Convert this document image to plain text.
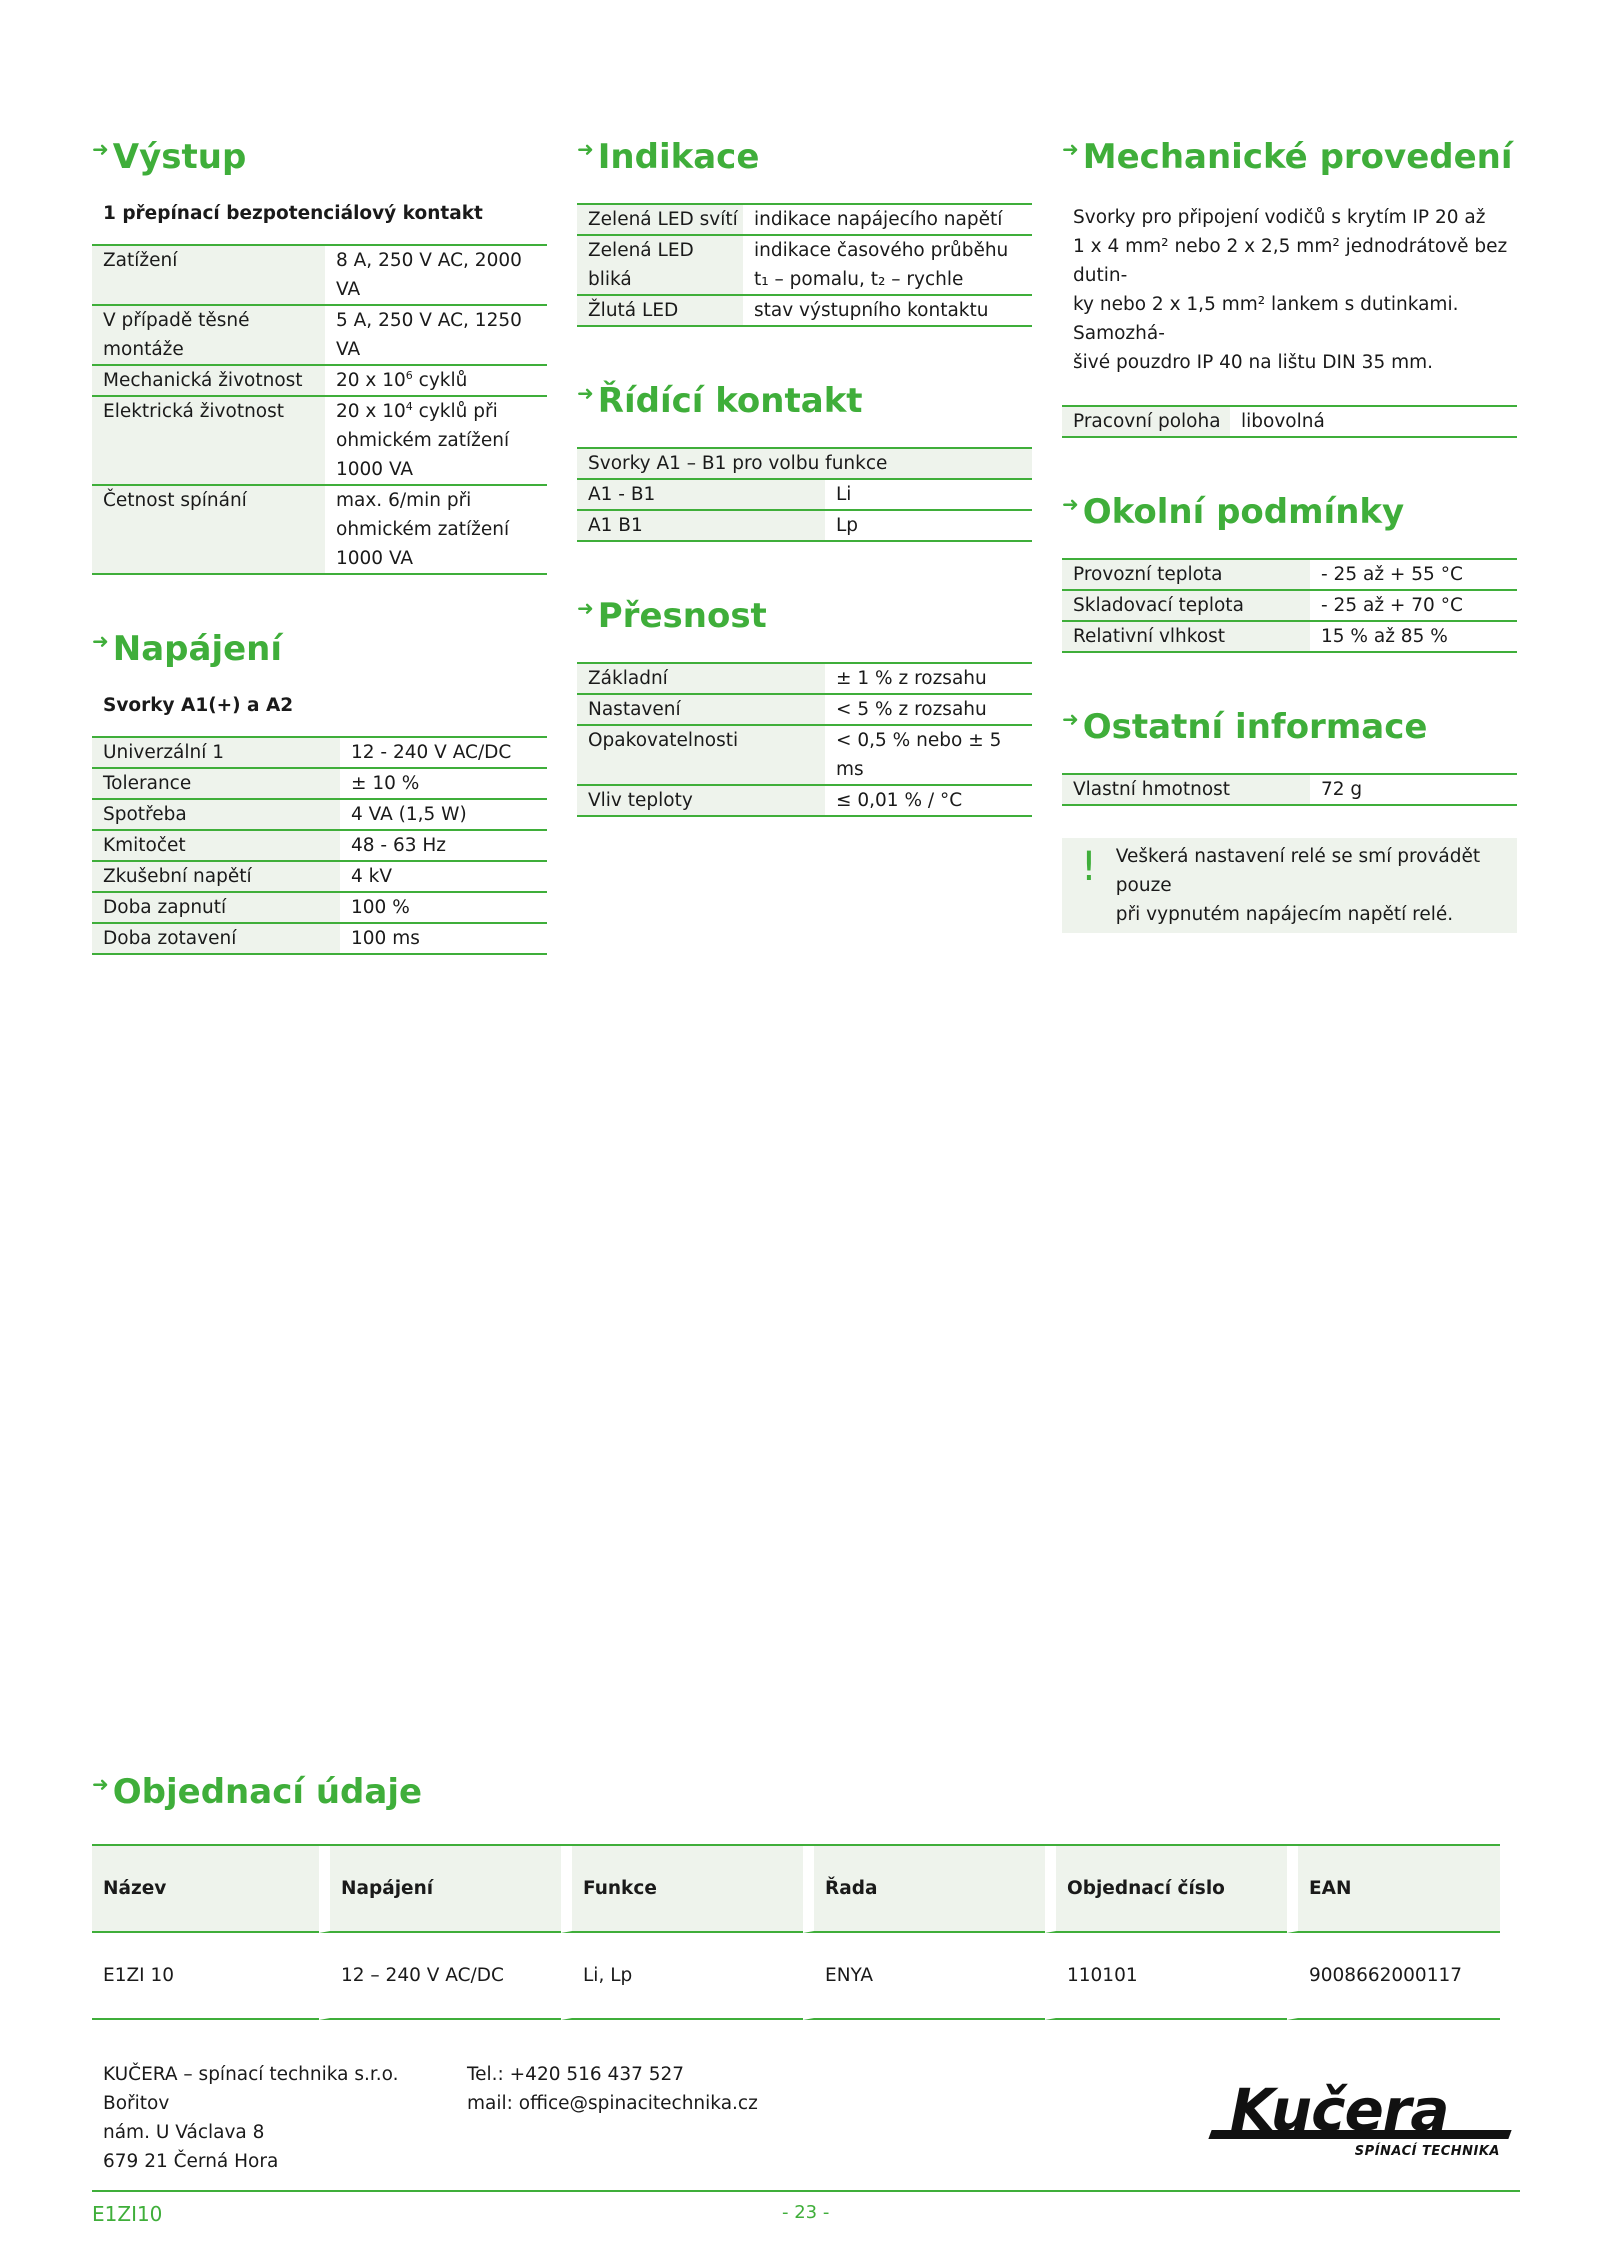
➜ Výstup
1 přepínací bezpotenciálový kontakt
Zatížení	8 A, 250 V AC, 2000 VA
V případě těsné montáže	5 A, 250 V AC, 1250 VA
Mechanická životnost	20 x $10^6$ cyklů
Elektrická životnost	20 x $10^4$ cyklů při
ohmickém zatížení
1000 VA
Četnost spínání	max. 6/min při
ohmickém zatížení
1000 VA
➜ Napájení
Svorky A1(+) a A2
Univerzální 1	12 - 240 V AC/DC
Tolerance	± 10 %
Spotřeba	4 VA (1,5 W)
Kmitočet	48 - 63 Hz
Zkušební napětí	4 kV
Doba zapnutí	100 %
Doba zotavení	100 ms
➜ Indikace
Zelená LED svítí	indikace napájecího napětí
Zelená LED bliká	indikace časového průběhu
t₁ – pomalu, t₂ – rychle
Žlutá LED	stav výstupního kontaktu
➜ Řídící kontakt
Svorky A1 – B1 pro volbu funkce	
A1 - B1	Li
A1 B1	Lp
➜ Přesnost
Základní	± 1 % z rozsahu
Nastavení	< 5 % z rozsahu
Opakovatelnosti	< 0,5 % nebo ± 5 ms
Vliv teploty	≤ 0,01 % / °C
➜ Mechanické provedení
Svorky pro připojení vodičů s krytím IP 20 až
1 x 4 mm² nebo 2 x 2,5 mm² jednodrátově bez dutin-
ky nebo 2 x 1,5 mm² lankem s dutinkami. Samozhá-
šivé pouzdro IP 40 na lištu DIN 35 mm.
Pracovní poloha	libovolná
➜ Okolní podmínky
Provozní teplota	- 25 až + 55 °C
Skladovací teplota	- 25 až + 70 °C
Relativní vlhkost	15 % až 85 %
➜ Ostatní informace
Vlastní hmotnost	72 g
!	Veškerá nastavení relé se smí provádět pouze
při vypnutém napájecím napětí relé.
➜ Objednací údaje
Název	Napájení	Funkce	Řada	Objednací číslo	EAN
E1ZI 10	12 – 240 V AC/DC	Li, Lp	ENYA	110101	9008662000117
KUČERA – spínací technika s.r.o.
Bořitov
nám. U Václava 8
679 21 Černá Hora
Tel.: +420 516 437 527
mail: office@spinacitechnika.cz	Kučera
SPÍNACÍ TECHNIKA
E1ZI10	- 23 -
